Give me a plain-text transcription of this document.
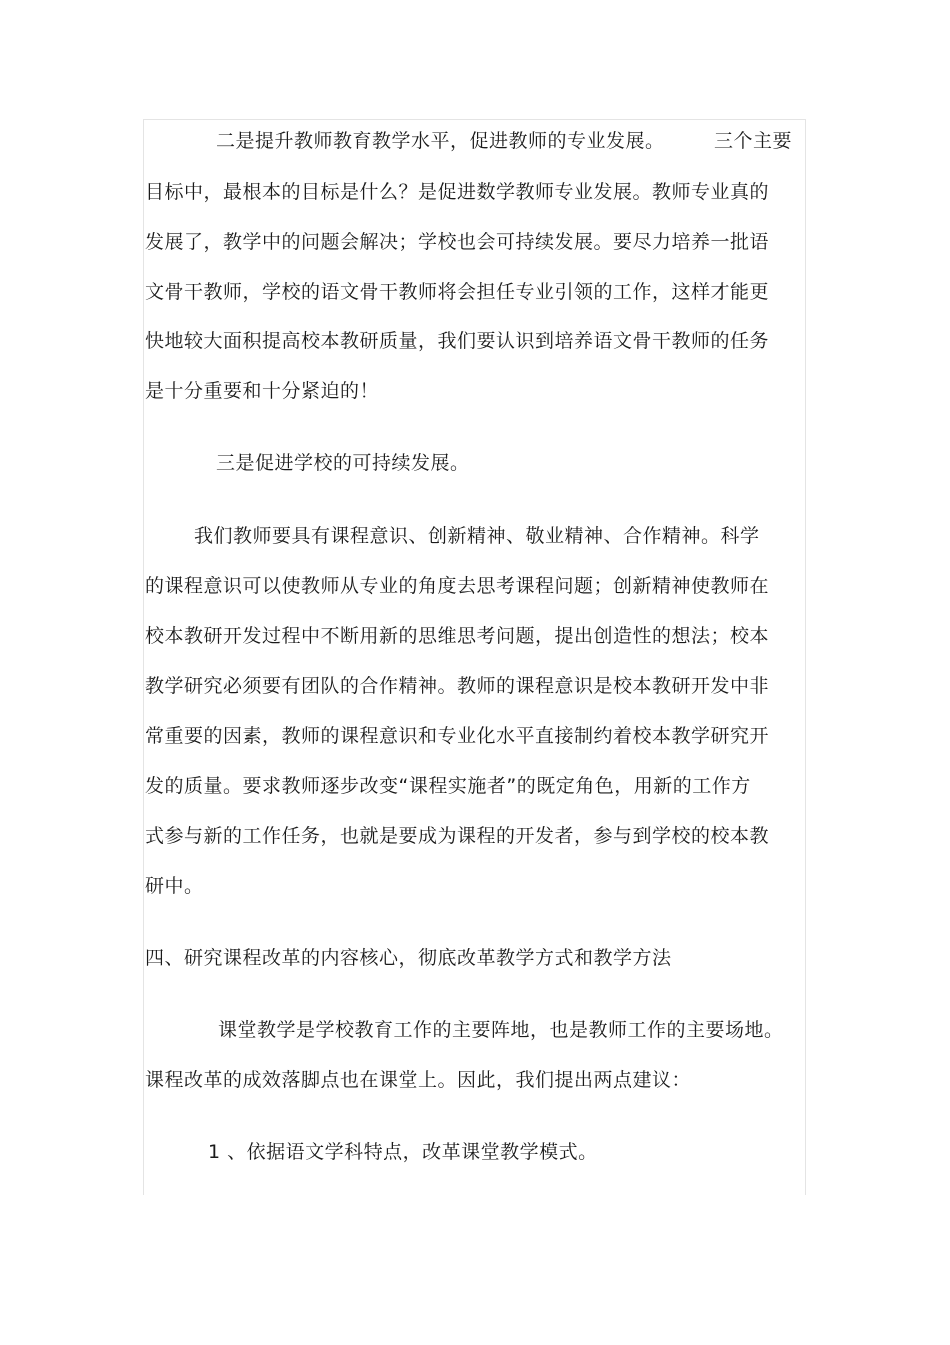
二是提升教师教育教学水平，促进教师的专业发展。	三个主要
目标中，最根本的目标是什么？是促进数学教师专业发展。教师专业真的
发展了，教学中的问题会解决；学校也会可持续发展。要尽力培养一批语
文骨干教师，学校的语文骨干教师将会担任专业引领的工作，这样才能更
快地较大面积提高校本教研质量，我们要认识到培养语文骨干教师的任务
是十分重要和十分紧迫的！
三是促进学校的可持续发展。
我们教师要具有课程意识、创新精神、敬业精神、合作精神。科学
的课程意识可以使教师从专业的角度去思考课程问题；创新精神使教师在
校本教研开发过程中不断用新的思维思考问题，提出创造性的想法；校本
教学研究必须要有团队的合作精神。教师的课程意识是校本教研开发中非
常重要的因素，教师的课程意识和专业化水平直接制约着校本教学研究开
发的质量。要求教师逐步改变“课程实施者”的既定角色，用新的工作方
式参与新的工作任务，也就是要成为课程的开发者，参与到学校的校本教
研中。
四、研究课程改革的内容核心，彻底改革教学方式和教学方法
课堂教学是学校教育工作的主要阵地，也是教师工作的主要场地。
课程改革的成效落脚点也在课堂上。因此，我们提出两点建议：
1 、依据语文学科特点，改革课堂教学模式。
